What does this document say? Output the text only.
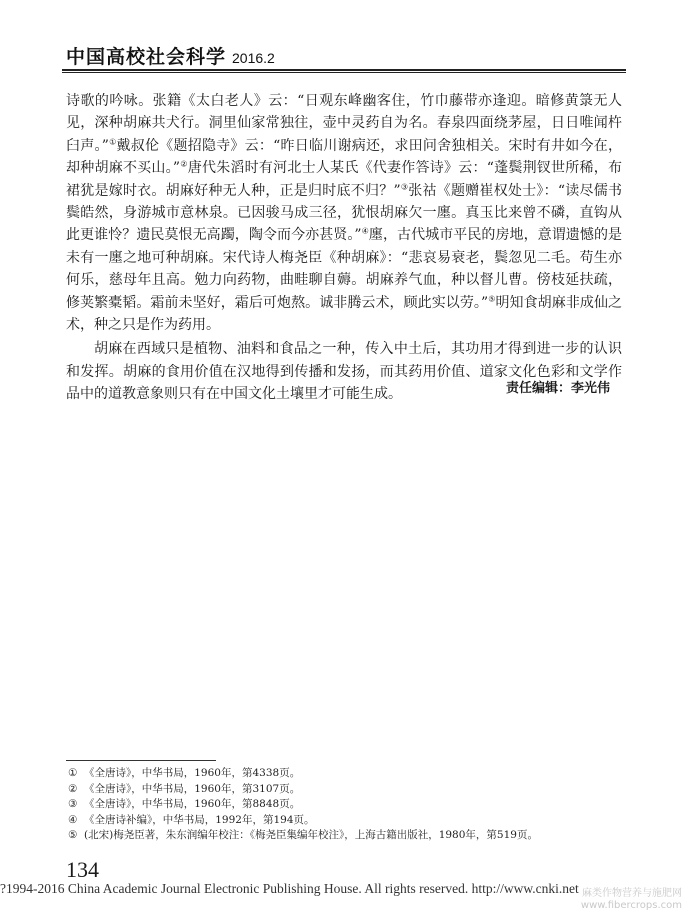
中国高校社会科学 2016.2

诗歌的吟咏。张籍《太白老人》云：“日观东峰幽客住，竹巾藤带亦逢迎。暗修黄箓无人见，深种胡麻共犬行。洞里仙家常独往，壶中灵药自为名。春泉四面绕茅屋，日日唯闻杵臼声。”①戴叔伦《题招隐寺》云：“昨日临川谢病还，求田问舍独相关。宋时有井如今在，却种胡麻不买山。”②唐代朱滔时有河北士人某氏《代妻作答诗》云：“蓬鬓荆钗世所稀，布裙犹是嫁时衣。胡麻好种无人种，正是归时底不归？”③张祜《题赠崔权处士》：“读尽儒书鬓皓然，身游城市意林泉。已因骏马成三径，犹恨胡麻欠一廛。真玉比来曾不磷，直钩从此更谁怜？遗民莫恨无高躅，陶令而今亦甚贤。”④廛，古代城市平民的房地，意谓遗憾的是未有一廛之地可种胡麻。宋代诗人梅尧臣《种胡麻》：“悲哀易衰老，鬓忽见二毛。苟生亦何乐，慈母年且高。勉力向药物，曲畦聊自薅。胡麻养气血，种以督儿曹。傍枝延扶疏，修荚繁橐韬。霜前未坚好，霜后可炮熬。诚非腾云术，顾此实以劳。”⑤明知食胡麻非成仙之术，种之只是作为药用。

胡麻在西域只是植物、油料和食品之一种，传入中土后，其功用才得到进一步的认识和发挥。胡麻的食用价值在汉地得到传播和发扬，而其药用价值、道家文化色彩和文学作品中的道教意象则只有在中国文化土壤里才可能生成。	责任编辑：李光伟
① 《全唐诗》，中华书局，1960年，第4338页。
② 《全唐诗》，中华书局，1960年，第3107页。
③ 《全唐诗》，中华书局，1960年，第8848页。
④ 《全唐诗补编》，中华书局，1992年，第194页。
⑤ (北宋)梅尧臣著，朱东润编年校注：《梅尧臣集编年校注》，上海古籍出版社，1980年，第519页。
134
?1994-2016 China Academic Journal Electronic Publishing House. All rights reserved. http://www.cnki.net 麻类作物营养与施肥网
www.fibercrops.com
